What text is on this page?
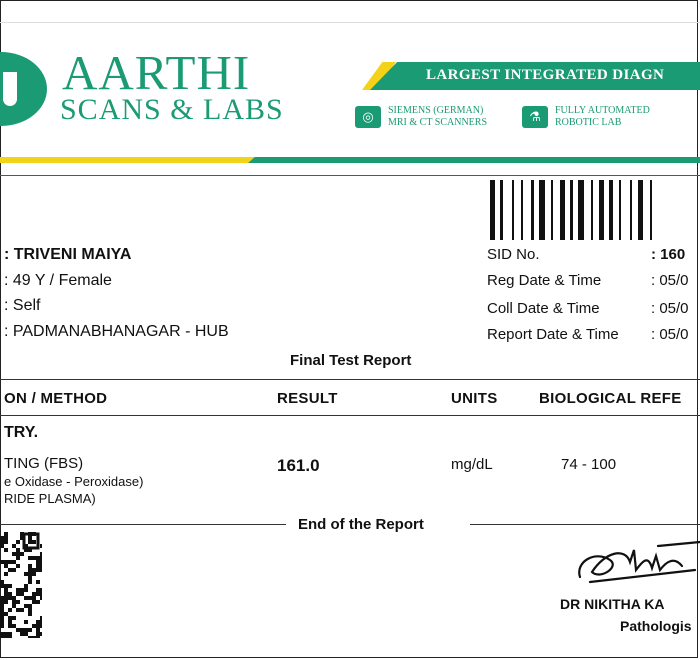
AARTHI
SCANS & LABS
LARGEST INTEGRATED DIAGN
◎	SIEMENS (GERMAN)
MRI & CT SCANNERS	⚗	FULLY AUTOMATED
ROBOTIC LAB
: TRIVENI MAIYA
: 49 Y / Female
: Self
: PADMANABHANAGAR - HUB
SID No.	: 160
Reg Date & Time	: 05/0
Coll Date & Time	: 05/0
Report Date & Time : 05/0
Final Test Report
ON / METHOD	RESULT	UNITS	BIOLOGICAL REFE
TRY.
TING (FBS)
e Oxidase - Peroxidase)
RIDE PLASMA)
161.0	mg/dL	74 - 100
End of the Report
DR NIKITHA KA
Pathologis
